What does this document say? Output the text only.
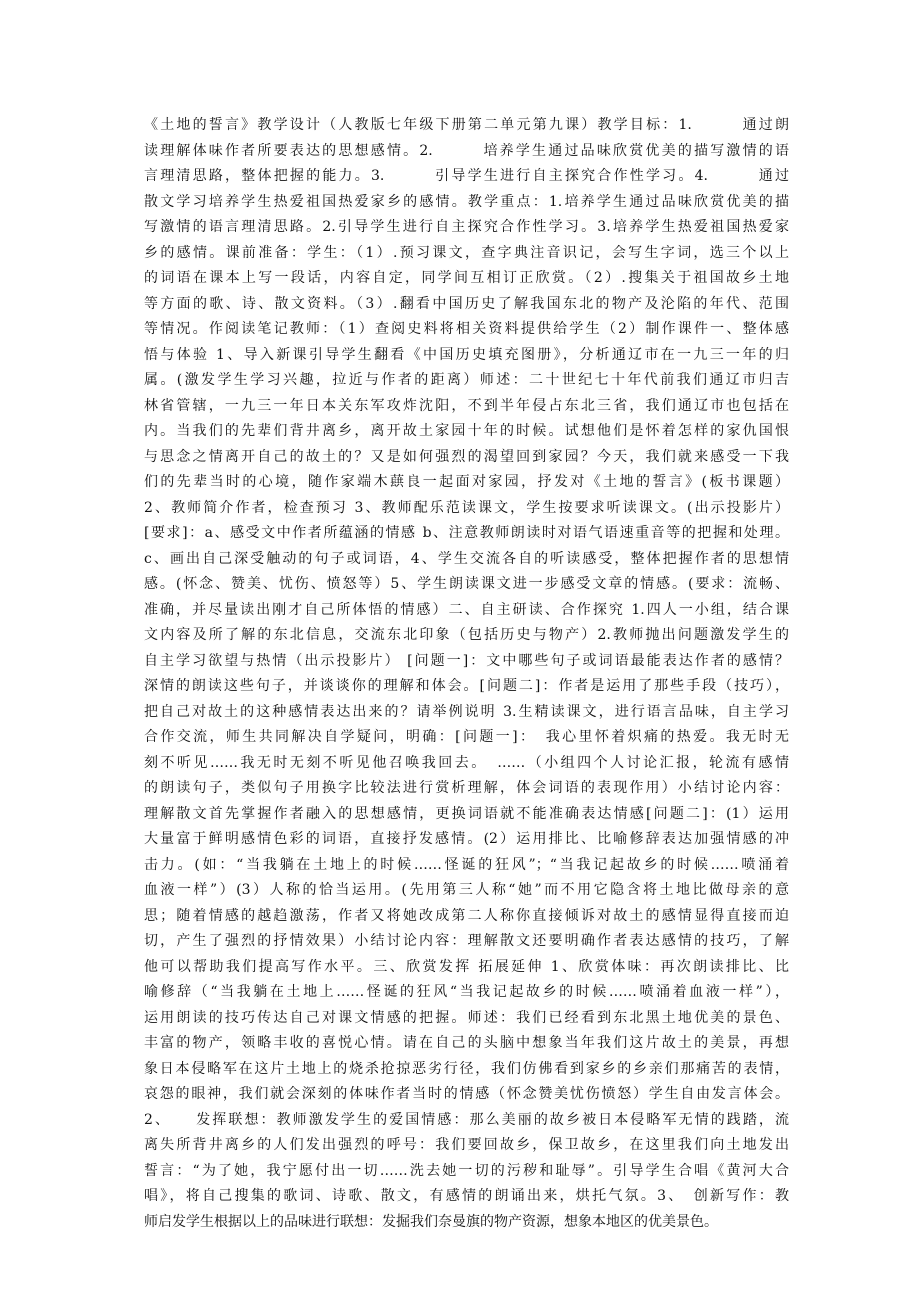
《土地的誓言》教学设计（人教版七年级下册第二单元第九课）教学目标：1.　　　通过朗
读理解体味作者所要表达的思想感情。2.　　　培养学生通过品味欣赏优美的描写激情的语
言理清思路，整体把握的能力。3.　　　引导学生进行自主探究合作性学习。4.　　　通过
散文学习培养学生热爱祖国热爱家乡的感情。教学重点：1.培养学生通过品味欣赏优美的描
写激情的语言理清思路。2.引导学生进行自主探究合作性学习。3.培养学生热爱祖国热爱家
乡的感情。课前准备：学生：（1）.预习课文，查字典注音识记，会写生字词，选三个以上
的词语在课本上写一段话，内容自定，同学间互相订正欣赏。（2）.搜集关于祖国故乡土地
等方面的歌、诗、散文资料。（3）.翻看中国历史了解我国东北的物产及沦陷的年代、范围
等情况。作阅读笔记教师：（1）查阅史料将相关资料提供给学生（2）制作课件一、整体感
悟与体验 1、导入新课引导学生翻看《中国历史填充图册》，分析通辽市在一九三一年的归
属。(激发学生学习兴趣，拉近与作者的距离）师述：二十世纪七十年代前我们通辽市归吉
林省管辖，一九三一年日本关东军攻炸沈阳，不到半年侵占东北三省，我们通辽市也包括在
内。当我们的先辈们背井离乡，离开故土家园十年的时候。试想他们是怀着怎样的家仇国恨
与思念之情离开自己的故土的？又是如何强烈的渴望回到家园？今天，我们就来感受一下我
们的先辈当时的心境，随作家端木蕻良一起面对家园，抒发对《土地的誓言》(板书课题）
2、教师简介作者，检查预习 3、教师配乐范读课文，学生按要求听读课文。(出示投影片）
[要求]：a、感受文中作者所蕴涵的情感 b、注意教师朗读时对语气语速重音等的把握和处理。
c、画出自己深受触动的句子或词语，4、学生交流各自的听读感受，整体把握作者的思想情
感。(怀念、赞美、忧伤、愤怒等）5、学生朗读课文进一步感受文章的情感。(要求：流畅、
准确，并尽量读出刚才自己所体悟的情感）二、自主研读、合作探究 1.四人一小组，结合课
文内容及所了解的东北信息，交流东北印象（包括历史与物产）2.教师抛出问题激发学生的
自主学习欲望与热情（出示投影片） [问题一]：文中哪些句子或词语最能表达作者的感情？
深情的朗读这些句子，并谈谈你的理解和体会。[问题二]：作者是运用了那些手段（技巧），
把自己对故土的这种感情表达出来的？请举例说明 3.生精读课文，进行语言品味，自主学习
合作交流，师生共同解决自学疑问，明确：[问题一]：　我心里怀着炽痛的热爱。我无时无
刻不听见……我无时无刻不听见他召唤我回去。　……（小组四个人讨论汇报，轮流有感情
的朗读句子，类似句子用换字比较法进行赏析理解，体会词语的表现作用）小结讨论内容：
理解散文首先掌握作者融入的思想感情，更换词语就不能准确表达情感[问题二]：(1）运用
大量富于鲜明感情色彩的词语，直接抒发感情。(2）运用排比、比喻修辞表达加强情感的冲
击力。(如：“当我躺在土地上的时候……怪诞的狂风”；“当我记起故乡的时候……喷涌着
血液一样”）(3）人称的恰当运用。(先用第三人称“她”而不用它隐含将土地比做母亲的意
思；随着情感的越趋激荡，作者又将她改成第二人称你直接倾诉对故土的感情显得直接而迫
切，产生了强烈的抒情效果）小结讨论内容：理解散文还要明确作者表达感情的技巧，了解
他可以帮助我们提高写作水平。三、欣赏发挥 拓展延伸 1、欣赏体味：再次朗读排比、比
喻修辞（“当我躺在土地上……怪诞的狂风“当我记起故乡的时候……喷涌着血液一样”），
运用朗读的技巧传达自己对课文情感的把握。师述：我们已经看到东北黑土地优美的景色、
丰富的物产，领略丰收的喜悦心情。请在自己的头脑中想象当年我们这片故土的美景，再想
象日本侵略军在这片土地上的烧杀抢掠恶劣行径，我们仿佛看到家乡的乡亲们那痛苦的表情，
哀怨的眼神，我们就会深刻的体味作者当时的情感（怀念赞美忧伤愤怒）学生自由发言体会。
2、　　发挥联想：教师激发学生的爱国情感：那么美丽的故乡被日本侵略军无情的践踏，流
离失所背井离乡的人们发出强烈的呼号：我们要回故乡，保卫故乡，在这里我们向土地发出
誓言：“为了她，我宁愿付出一切……洗去她一切的污秽和耻辱”。引导学生合唱《黄河大合
唱》，将自己搜集的歌词、诗歌、散文，有感情的朗诵出来，烘托气氛。3、　创新写作：教
师启发学生根据以上的品味进行联想：发掘我们奈曼旗的物产资源，想象本地区的优美景色。
